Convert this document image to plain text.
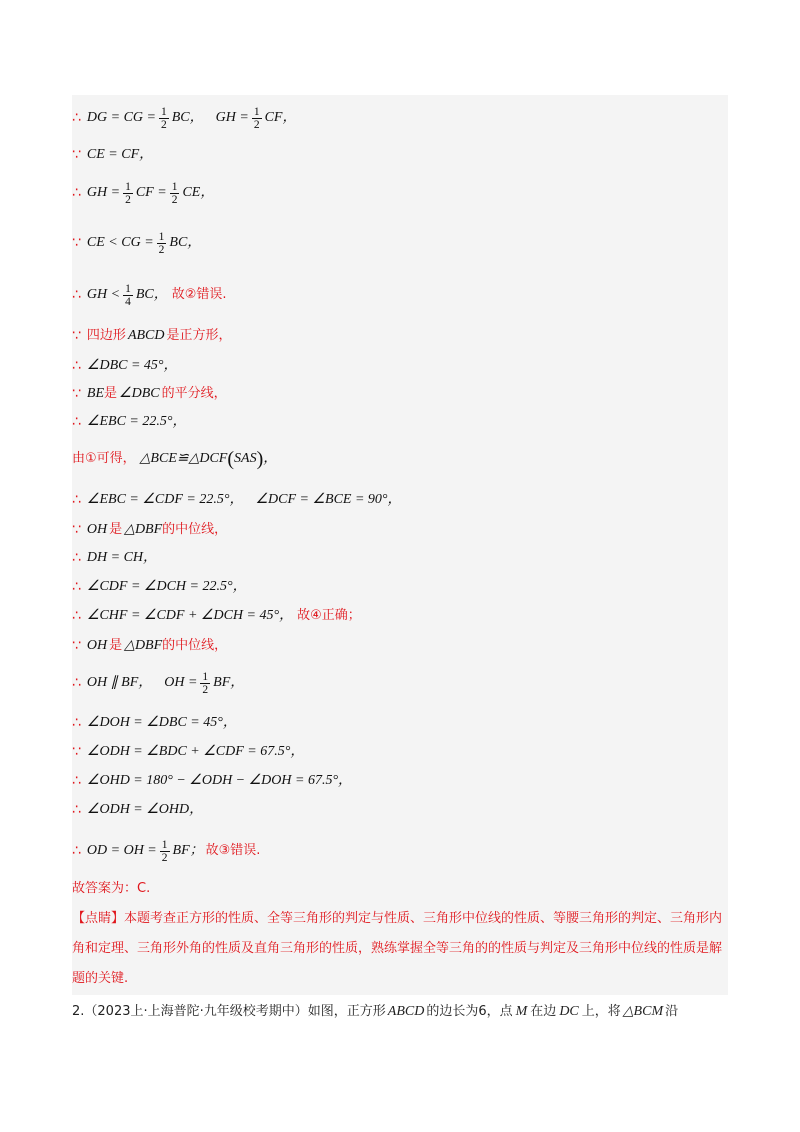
∴ DG = CG = $\frac{1}{2}$ BC， GH = $\frac{1}{2}$ CF，
∵ CE = CF，
∴ GH = $\frac{1}{2}$ CF = $\frac{1}{2}$ CE，
∵ CE < CG = $\frac{1}{2}$ BC，
∴ GH < $\frac{1}{4}$ BC， 故②错误.
∵ 四边形 ABCD 是正方形，
∴ ∠DBC = 45°，
∵ BE 是 ∠DBC 的平分线，
∴ ∠EBC = 22.5°，
由①可得， △BCE≌△DCF ( SAS ) ，
∴ ∠EBC = ∠CDF = 22.5°， ∠DCF = ∠BCE = 90°，
∵ OH 是 △DBF 的中位线，
∴ DH = CH，
∴ ∠CDF = ∠DCH = 22.5°，
∴ ∠CHF = ∠CDF + ∠DCH = 45°， 故④正确；
∵ OH 是 △DBF 的中位线，
∴ OH ∥ BF， OH = $\frac{1}{2}$ BF，
∴ ∠DOH = ∠DBC = 45°，
∵ ∠ODH = ∠BDC + ∠CDF = 67.5°，
∴ ∠OHD = 180° − ∠ODH − ∠DOH = 67.5°，
∴ ∠ODH = ∠OHD，
∴ OD = OH = $\frac{1}{2}$ BF； 故③错误.
故答案为：C.
【点睛】本题考查正方形的性质、全等三角形的判定与性质、三角形中位线的性质、等腰三角形的判定、三角形内角和定理、三角形外角的性质及直角三角形的性质，熟练掌握全等三角的的性质与判定及三角形中位线的性质是解题的关键.
2.（2023上·上海普陀·九年级校考期中）如图，正方形 ABCD 的边长为6，点 M 在边 DC 上，将 △BCM 沿
